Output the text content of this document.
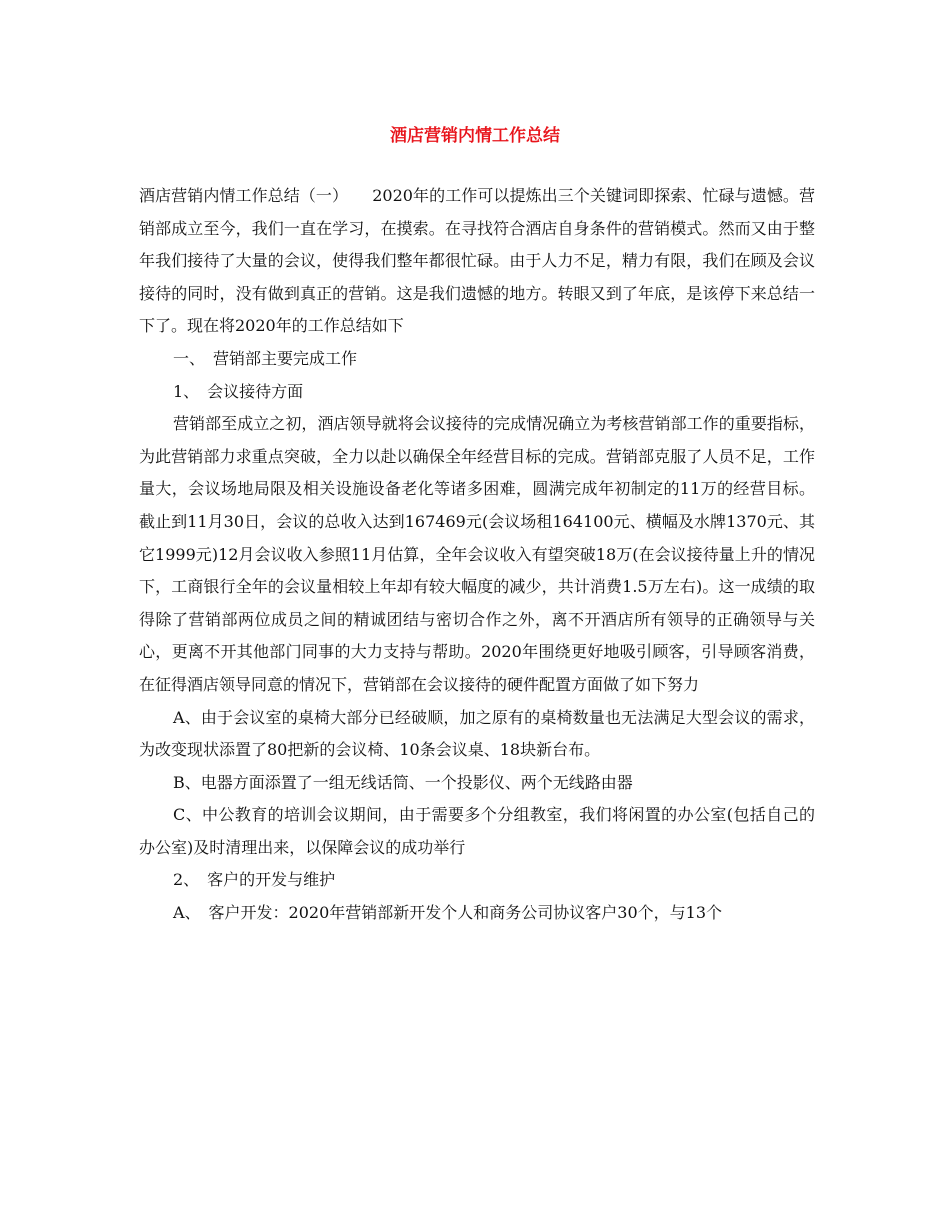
酒店营销内情工作总结

酒店营销内情工作总结（一）　　2020年的工作可以提炼出三个关键词即探索、忙碌与遗憾。营销部成立至今，我们一直在学习，在摸索。在寻找符合酒店自身条件的营销模式。然而又由于整年我们接待了大量的会议，使得我们整年都很忙碌。由于人力不足，精力有限，我们在顾及会议接待的同时，没有做到真正的营销。这是我们遗憾的地方。转眼又到了年底，是该停下来总结一下了。现在将2020年的工作总结如下

一、　营销部主要完成工作

1、　会议接待方面

营销部至成立之初，酒店领导就将会议接待的完成情况确立为考核营销部工作的重要指标，为此营销部力求重点突破，全力以赴以确保全年经营目标的完成。营销部克服了人员不足，工作量大，会议场地局限及相关设施设备老化等诸多困难，圆满完成年初制定的11万的经营目标。截止到11月30日，会议的总收入达到167469元(会议场租164100元、横幅及水牌1370元、其它1999元)12月会议收入参照11月估算，全年会议收入有望突破18万(在会议接待量上升的情况下，工商银行全年的会议量相较上年却有较大幅度的减少，共计消费1.5万左右)。这一成绩的取得除了营销部两位成员之间的精诚团结与密切合作之外，离不开酒店所有领导的正确领导与关心，更离不开其他部门同事的大力支持与帮助。2020年围绕更好地吸引顾客，引导顾客消费，在征得酒店领导同意的情况下，营销部在会议接待的硬件配置方面做了如下努力

A、由于会议室的桌椅大部分已经破顺，加之原有的桌椅数量也无法满足大型会议的需求，为改变现状添置了80把新的会议椅、10条会议桌、18块新台布。

B、电器方面添置了一组无线话筒、一个投影仪、两个无线路由器

C、中公教育的培训会议期间，由于需要多个分组教室，我们将闲置的办公室(包括自己的办公室)及时清理出来，以保障会议的成功举行

2、　客户的开发与维护

A、　客户开发：2020年营销部新开发个人和商务公司协议客户30个，与13个
